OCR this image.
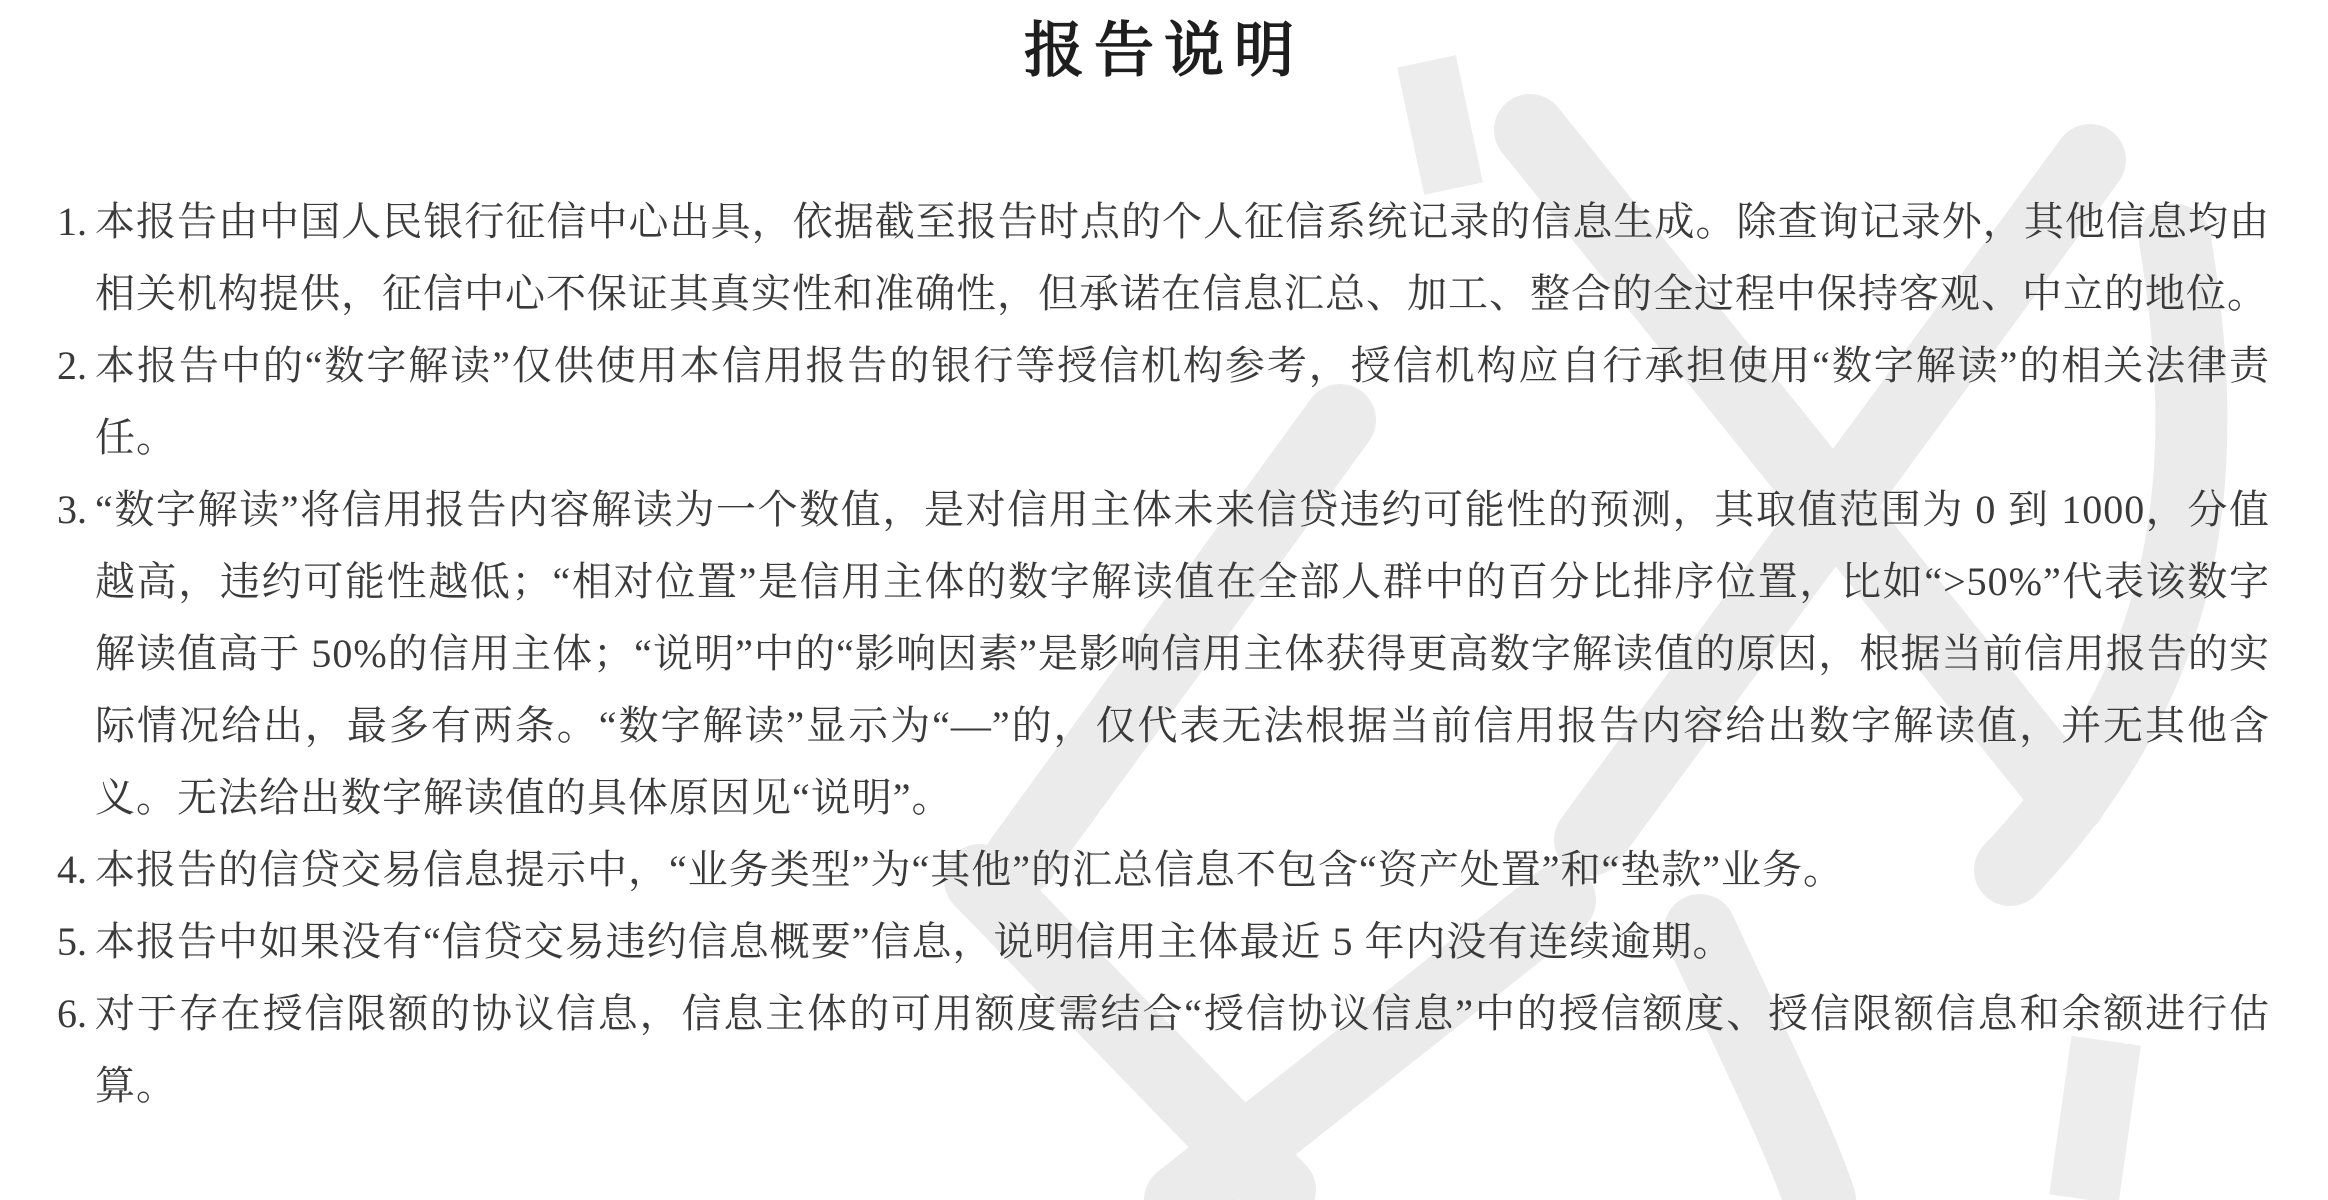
报告说明
1. 本报告由中国人民银行征信中心出具，依据截至报告时点的个人征信系统记录的信息生成。除查询记录外，其他信息均由相关机构提供，征信中心不保证其真实性和准确性，但承诺在信息汇总、加工、整合的全过程中保持客观、中立的地位。

2. 本报告中的“数字解读”仅供使用本信用报告的银行等授信机构参考，授信机构应自行承担使用“数字解读”的相关法律责任。

3. “数字解读”将信用报告内容解读为一个数值，是对信用主体未来信贷违约可能性的预测，其取值范围为 0 到 1000，分值越高，违约可能性越低；“相对位置”是信用主体的数字解读值在全部人群中的百分比排序位置，比如“>50%”代表该数字解读值高于 50%的信用主体；“说明”中的“影响因素”是影响信用主体获得更高数字解读值的原因，根据当前信用报告的实际情况给出，最多有两条。“数字解读”显示为“—”的，仅代表无法根据当前信用报告内容给出数字解读值，并无其他含义。无法给出数字解读值的具体原因见“说明”。

4. 本报告的信贷交易信息提示中，“业务类型”为“其他”的汇总信息不包含“资产处置”和“垫款”业务。

5. 本报告中如果没有“信贷交易违约信息概要”信息，说明信用主体最近 5 年内没有连续逾期。

6. 对于存在授信限额的协议信息，信息主体的可用额度需结合“授信协议信息”中的授信额度、授信限额信息和余额进行估算。
